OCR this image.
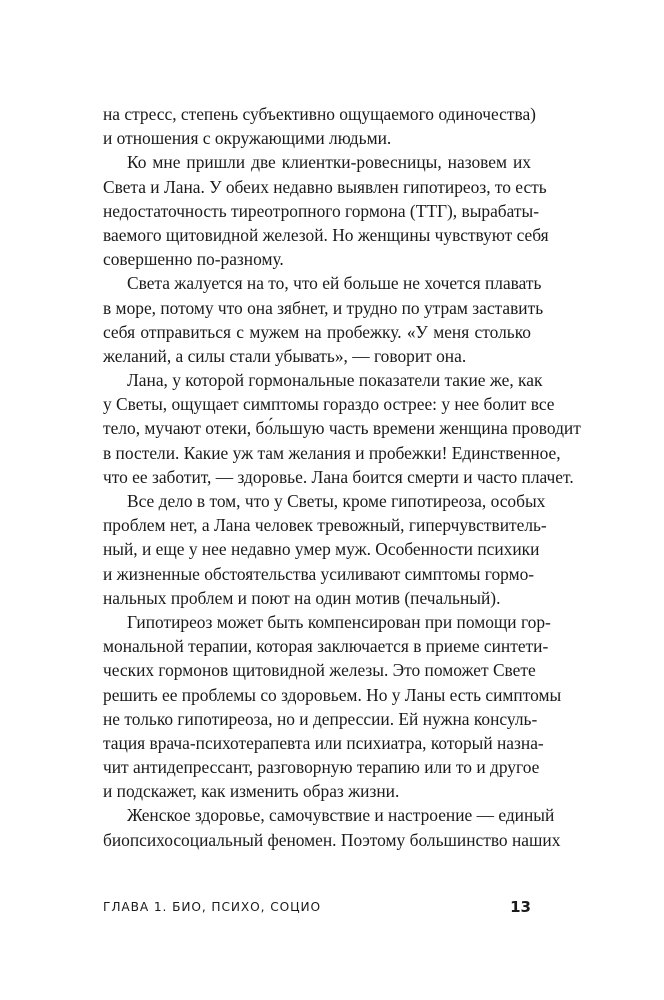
на стресс, степень субъективно ощущаемого одиночества)
и отношения с окружающими людьми.
Ко мне пришли две клиентки-ровесницы, назовем их
Света и Лана. У обеих недавно выявлен гипотиреоз, то есть
недостаточность тиреотропного гормона (ТТГ), вырабаты-
ваемого щитовидной железой. Но женщины чувствуют себя
совершенно по-разному.
Света жалуется на то, что ей больше не хочется плавать
в море, потому что она зябнет, и трудно по утрам заставить
себя отправиться с мужем на пробежку. «У меня столько
желаний, а силы стали убывать», — говорит она.
Лана, у которой гормональные показатели такие же, как
у Светы, ощущает симптомы гораздо острее: у нее болит все
тело, мучают отеки, бо́льшую часть времени женщина проводит
в постели. Какие уж там желания и пробежки! Единственное,
что ее заботит, — здоровье. Лана боится смерти и часто плачет.
Все дело в том, что у Светы, кроме гипотиреоза, особых
проблем нет, а Лана человек тревожный, гиперчувствитель-
ный, и еще у нее недавно умер муж. Особенности психики
и жизненные обстоятельства усиливают симптомы гормо-
нальных проблем и поют на один мотив (печальный).
Гипотиреоз может быть компенсирован при помощи гор-
мональной терапии, которая заключается в приеме синтети-
ческих гормонов щитовидной железы. Это поможет Свете
решить ее проблемы со здоровьем. Но у Ланы есть симптомы
не только гипотиреоза, но и депрессии. Ей нужна консуль-
тация врача-психотерапевта или психиатра, который назна-
чит антидепрессант, разговорную терапию или то и другое
и подскажет, как изменить образ жизни.
Женское здоровье, самочувствие и настроение — единый
биопсихосоциальный феномен. Поэтому большинство наших
ГЛАВА 1. БИО, ПСИХО, СОЦИО	13
